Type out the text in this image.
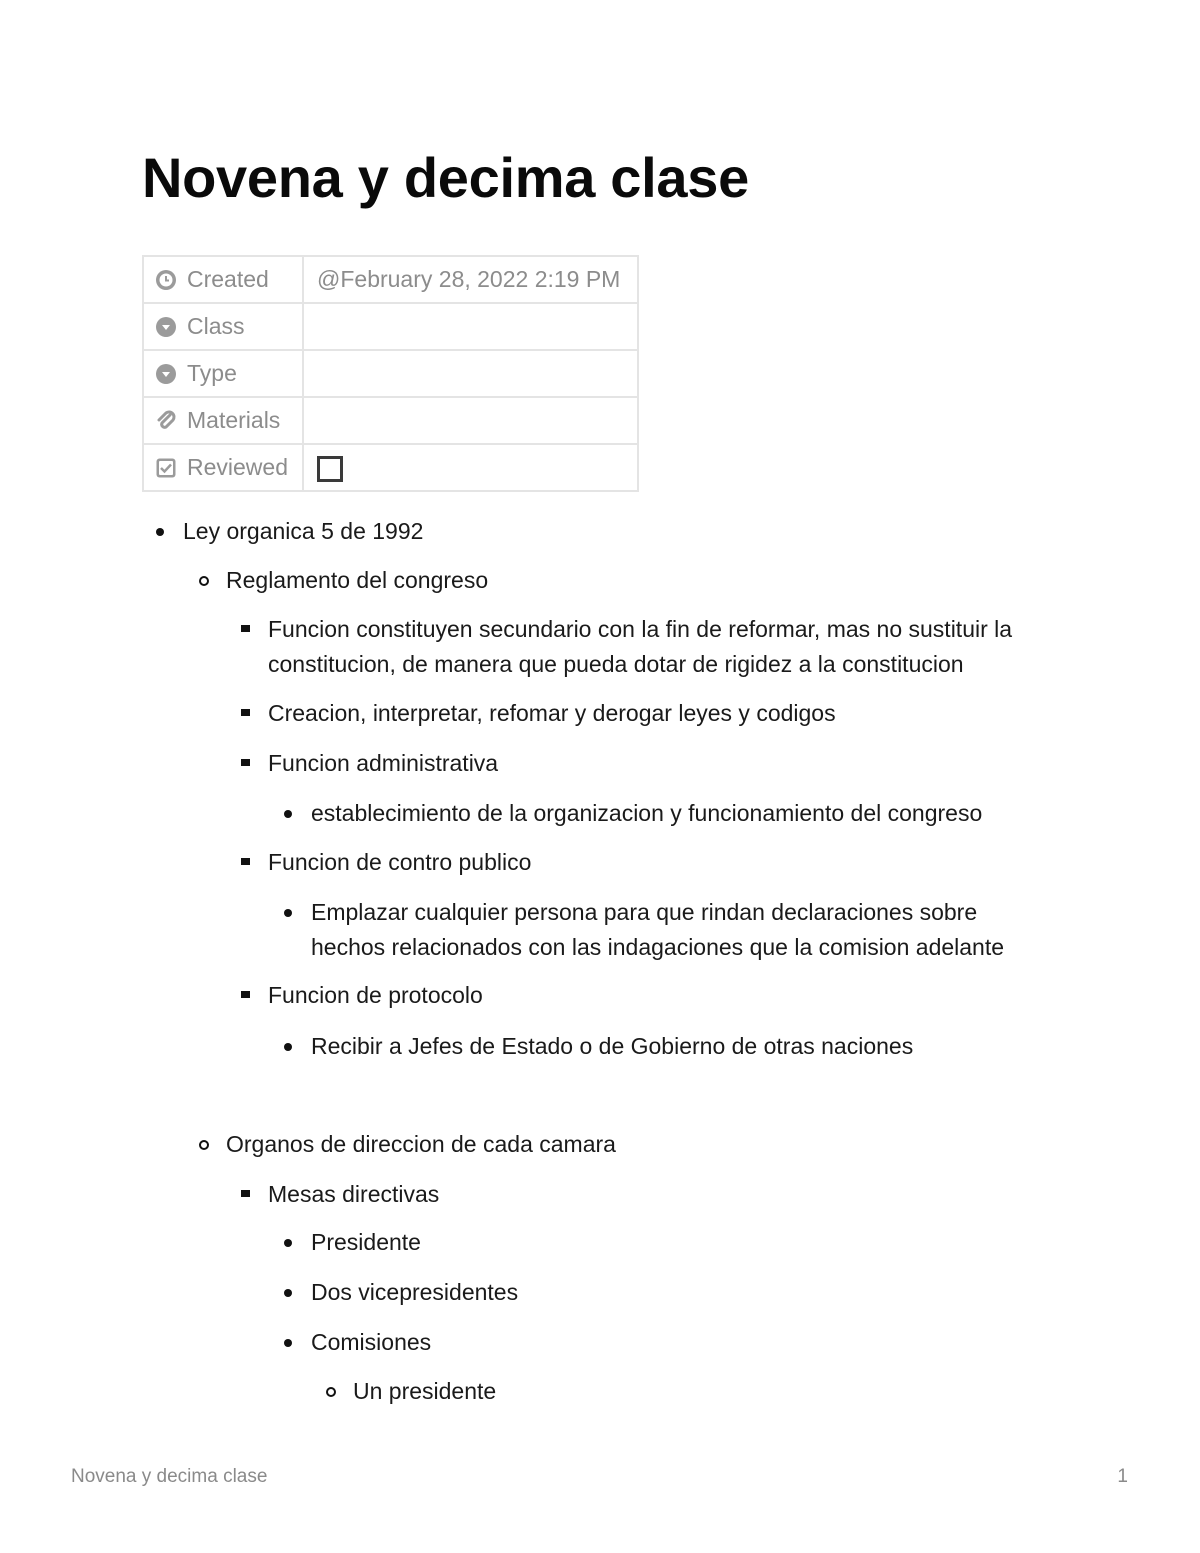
Novena y decima clase
Created	@February 28, 2022 2:19 PM

Class	

Type	

Materials	

Reviewed	

Ley organica 5 de 1992
Reglamento del congreso
Funcion constituyen secundario con la fin de reformar, mas no sustituir la
constitucion, de manera que pueda dotar de rigidez a la constitucion
Creacion, interpretar, refomar y derogar leyes y codigos
Funcion administrativa
establecimiento de la organizacion y funcionamiento del congreso
Funcion de contro publico
Emplazar cualquier persona para que rindan declaraciones sobre
hechos relacionados con las indagaciones que la comision adelante
Funcion de protocolo
Recibir a Jefes de Estado o de Gobierno de otras naciones
Organos de direccion de cada camara
Mesas directivas
Presidente
Dos vicepresidentes
Comisiones
Un presidente
Novena y decima clase	1
